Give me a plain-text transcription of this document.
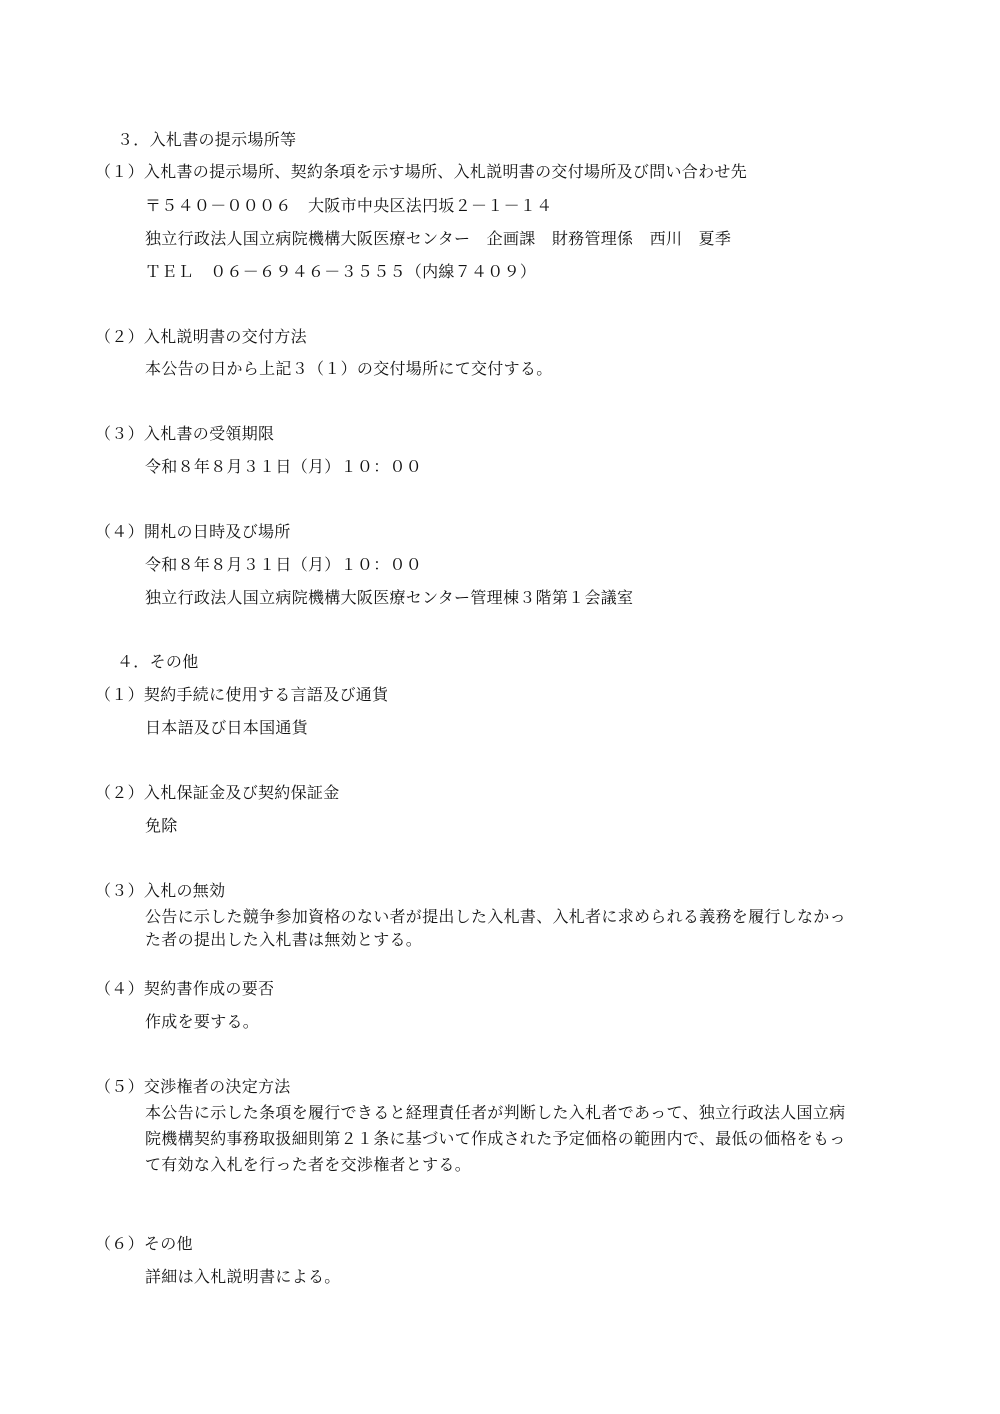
３．入札書の提示場所等
（１）入札書の提示場所、契約条項を示す場所、入札説明書の交付場所及び問い合わせ先
〒５４０－０００６　大阪市中央区法円坂２－１－１４
独立行政法人国立病院機構大阪医療センター　企画課　財務管理係　西川　夏季
ＴＥＬ　０６－６９４６－３５５５（内線７４０９）
（２）入札説明書の交付方法
本公告の日から上記３（１）の交付場所にて交付する。
（３）入札書の受領期限
令和８年８月３１日（月）１０：００
（４）開札の日時及び場所
令和８年８月３１日（月）１０：００
独立行政法人国立病院機構大阪医療センター管理棟３階第１会議室
４．その他
（１）契約手続に使用する言語及び通貨
日本語及び日本国通貨
（２）入札保証金及び契約保証金
免除
（３）入札の無効
公告に示した競争参加資格のない者が提出した入札書、入札者に求められる義務を履行しなかっ
た者の提出した入札書は無効とする。
（４）契約書作成の要否
作成を要する。
（５）交渉権者の決定方法
本公告に示した条項を履行できると経理責任者が判断した入札者であって、独立行政法人国立病
院機構契約事務取扱細則第２１条に基づいて作成された予定価格の範囲内で、最低の価格をもっ
て有効な入札を行った者を交渉権者とする。
（６）その他
詳細は入札説明書による。
